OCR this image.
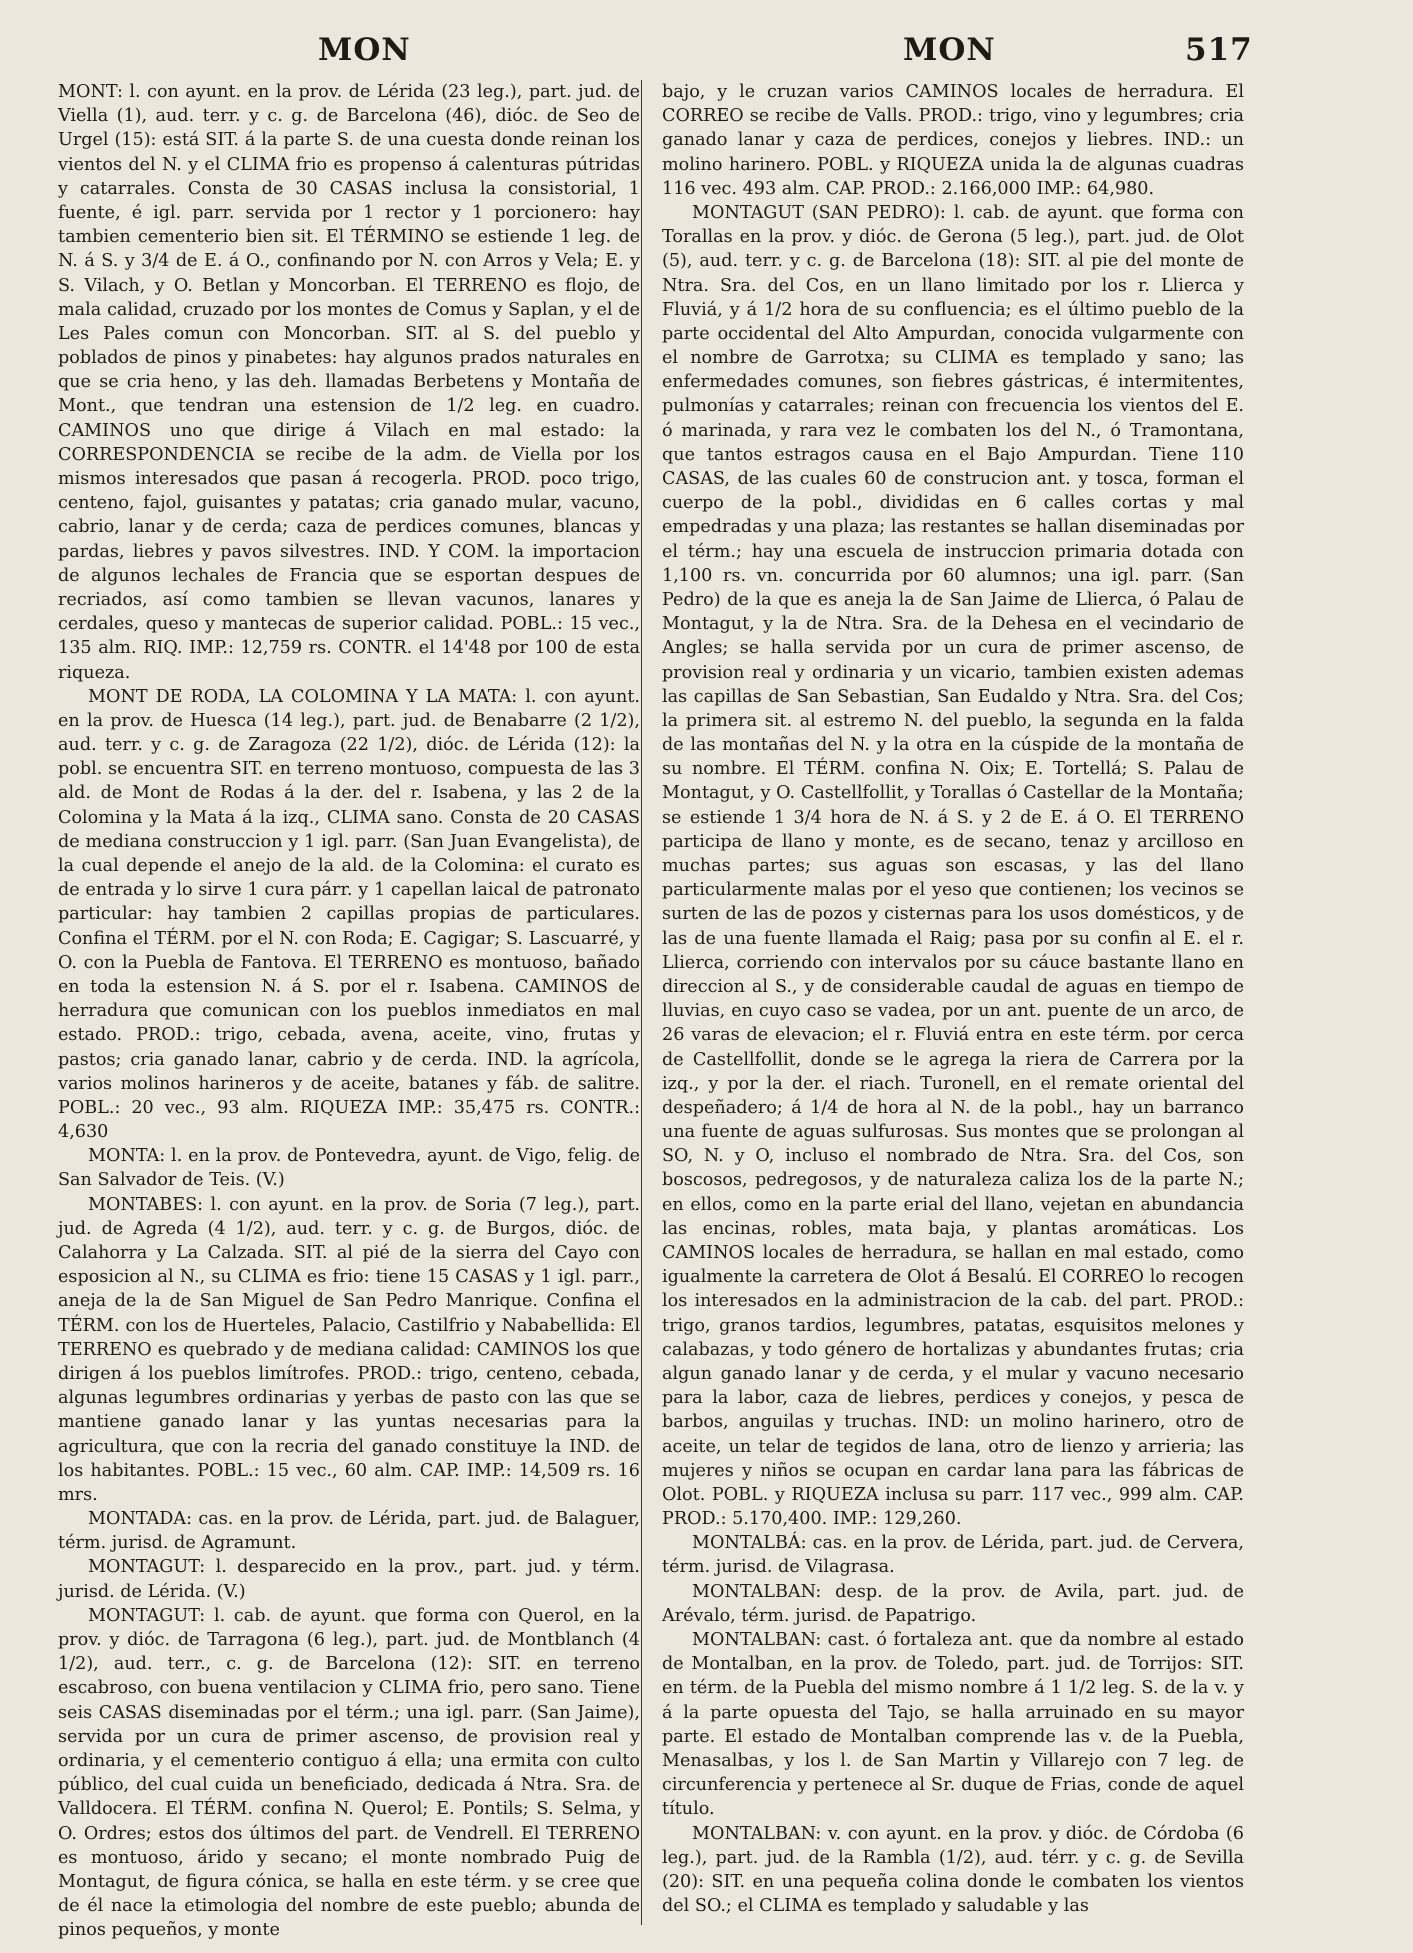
MON	MON	517

MONT: l. con ayunt. en la prov. de Lérida (23 leg.), part. jud. de Viella (1), aud. terr. y c. g. de Barcelona (46), dióc. de Seo de Urgel (15): está SIT. á la parte S. de una cuesta donde reinan los vientos del N. y el CLIMA frio es propenso á calenturas pútridas y catarrales. Consta de 30 CASAS inclusa la consistorial, 1 fuente, é igl. parr. servida por 1 rector y 1 porcionero: hay tambien cementerio bien sit. El TÉRMINO se estiende 1 leg. de N. á S. y 3/4 de E. á O., confinando por N. con Arros y Vela; E. y S. Vilach, y O. Betlan y Moncorban. El TERRENO es flojo, de mala calidad, cruzado por los montes de Comus y Saplan, y el de Les Pales comun con Moncorban. SIT. al S. del pueblo y poblados de pinos y pinabetes: hay algunos prados naturales en que se cria heno, y las deh. llamadas Berbetens y Montaña de Mont., que tendran una estension de 1/2 leg. en cuadro. CAMINOS uno que dirige á Vilach en mal estado: la CORRESPONDENCIA se recibe de la adm. de Viella por los mismos interesados que pasan á recogerla. PROD. poco trigo, centeno, fajol, guisantes y patatas; cria ganado mular, vacuno, cabrio, lanar y de cerda; caza de perdices comunes, blancas y pardas, liebres y pavos silvestres. IND. Y COM. la importacion de algunos lechales de Francia que se esportan despues de recriados, así como tambien se llevan vacunos, lanares y cerdales, queso y mantecas de superior calidad. POBL.: 15 vec., 135 alm. RIQ. IMP.: 12,759 rs. CONTR. el 14'48 por 100 de esta riqueza.

MONT DE RODA, LA COLOMINA Y LA MATA: l. con ayunt. en la prov. de Huesca (14 leg.), part. jud. de Benabarre (2 1/2), aud. terr. y c. g. de Zaragoza (22 1/2), dióc. de Lérida (12): la pobl. se encuentra SIT. en terreno montuoso, compuesta de las 3 ald. de Mont de Rodas á la der. del r. Isabena, y las 2 de la Colomina y la Mata á la izq., CLIMA sano. Consta de 20 CASAS de mediana construccion y 1 igl. parr. (San Juan Evangelista), de la cual depende el anejo de la ald. de la Colomina: el curato es de entrada y lo sirve 1 cura párr. y 1 capellan laical de patronato particular: hay tambien 2 capillas propias de particulares. Confina el TÉRM. por el N. con Roda; E. Cagigar; S. Lascuarré, y O. con la Puebla de Fantova. El TERRENO es montuoso, bañado en toda la estension N. á S. por el r. Isabena. CAMINOS de herradura que comunican con los pueblos inmediatos en mal estado. PROD.: trigo, cebada, avena, aceite, vino, frutas y pastos; cria ganado lanar, cabrio y de cerda. IND. la agrícola, varios molinos harineros y de aceite, batanes y fáb. de salitre. POBL.: 20 vec., 93 alm. RIQUEZA IMP.: 35,475 rs. CONTR.: 4,630

MONTA: l. en la prov. de Pontevedra, ayunt. de Vigo, felig. de San Salvador de Teis. (V.)

MONTABES: l. con ayunt. en la prov. de Soria (7 leg.), part. jud. de Agreda (4 1/2), aud. terr. y c. g. de Burgos, dióc. de Calahorra y La Calzada. SIT. al pié de la sierra del Cayo con esposicion al N., su CLIMA es frio: tiene 15 CASAS y 1 igl. parr., aneja de la de San Miguel de San Pedro Manrique. Confina el TÉRM. con los de Huerteles, Palacio, Castilfrio y Nababellida: El TERRENO es quebrado y de mediana calidad: CAMINOS los que dirigen á los pueblos limítrofes. PROD.: trigo, centeno, cebada, algunas legumbres ordinarias y yerbas de pasto con las que se mantiene ganado lanar y las yuntas necesarias para la agricultura, que con la recria del ganado constituye la IND. de los habitantes. POBL.: 15 vec., 60 alm. CAP. IMP.: 14,509 rs. 16 mrs.

MONTADA: cas. en la prov. de Lérida, part. jud. de Balaguer, térm. jurisd. de Agramunt.

MONTAGUT: l. desparecido en la prov., part. jud. y térm. jurisd. de Lérida. (V.)

MONTAGUT: l. cab. de ayunt. que forma con Querol, en la prov. y dióc. de Tarragona (6 leg.), part. jud. de Montblanch (4 1/2), aud. terr., c. g. de Barcelona (12): SIT. en terreno escabroso, con buena ventilacion y CLIMA frio, pero sano. Tiene seis CASAS diseminadas por el térm.; una igl. parr. (San Jaime), servida por un cura de primer ascenso, de provision real y ordinaria, y el cementerio contiguo á ella; una ermita con culto público, del cual cuida un beneficiado, dedicada á Ntra. Sra. de Valldocera. El TÉRM. confina N. Querol; E. Pontils; S. Selma, y O. Ordres; estos dos últimos del part. de Vendrell. El TERRENO es montuoso, árido y secano; el monte nombrado Puig de Montagut, de figura cónica, se halla en este térm. y se cree que de él nace la etimologia del nombre de este pueblo; abunda de pinos pequeños, y monte

bajo, y le cruzan varios CAMINOS locales de herradura. El CORREO se recibe de Valls. PROD.: trigo, vino y legumbres; cria ganado lanar y caza de perdices, conejos y liebres. IND.: un molino harinero. POBL. y RIQUEZA unida la de algunas cuadras 116 vec. 493 alm. CAP. PROD.: 2.166,000 IMP.: 64,980.

MONTAGUT (SAN PEDRO): l. cab. de ayunt. que forma con Torallas en la prov. y dióc. de Gerona (5 leg.), part. jud. de Olot (5), aud. terr. y c. g. de Barcelona (18): SIT. al pie del monte de Ntra. Sra. del Cos, en un llano limitado por los r. Llierca y Fluviá, y á 1/2 hora de su confluencia; es el último pueblo de la parte occidental del Alto Ampurdan, conocida vulgarmente con el nombre de Garrotxa; su CLIMA es templado y sano; las enfermedades comunes, son fiebres gástricas, é intermitentes, pulmonías y catarrales; reinan con frecuencia los vientos del E. ó marinada, y rara vez le combaten los del N., ó Tramontana, que tantos estragos causa en el Bajo Ampurdan. Tiene 110 CASAS, de las cuales 60 de construcion ant. y tosca, forman el cuerpo de la pobl., divididas en 6 calles cortas y mal empedradas y una plaza; las restantes se hallan diseminadas por el térm.; hay una escuela de instruccion primaria dotada con 1,100 rs. vn. concurrida por 60 alumnos; una igl. parr. (San Pedro) de la que es aneja la de San Jaime de Llierca, ó Palau de Montagut, y la de Ntra. Sra. de la Dehesa en el vecindario de Angles; se halla servida por un cura de primer ascenso, de provision real y ordinaria y un vicario, tambien existen ademas las capillas de San Sebastian, San Eudaldo y Ntra. Sra. del Cos; la primera sit. al estremo N. del pueblo, la segunda en la falda de las montañas del N. y la otra en la cúspide de la montaña de su nombre. El TÉRM. confina N. Oix; E. Tortellá; S. Palau de Montagut, y O. Castellfollit, y Torallas ó Castellar de la Montaña; se estiende 1 3/4 hora de N. á S. y 2 de E. á O. El TERRENO participa de llano y monte, es de secano, tenaz y arcilloso en muchas partes; sus aguas son escasas, y las del llano particularmente malas por el yeso que contienen; los vecinos se surten de las de pozos y cisternas para los usos domésticos, y de las de una fuente llamada el Raig; pasa por su confin al E. el r. Llierca, corriendo con intervalos por su cáuce bastante llano en direccion al S., y de considerable caudal de aguas en tiempo de lluvias, en cuyo caso se vadea, por un ant. puente de un arco, de 26 varas de elevacion; el r. Fluviá entra en este térm. por cerca de Castellfollit, donde se le agrega la riera de Carrera por la izq., y por la der. el riach. Turonell, en el remate oriental del despeñadero; á 1/4 de hora al N. de la pobl., hay un barranco una fuente de aguas sulfurosas. Sus montes que se prolongan al SO, N. y O, incluso el nombrado de Ntra. Sra. del Cos, son boscosos, pedregosos, y de naturaleza caliza los de la parte N.; en ellos, como en la parte erial del llano, vejetan en abundancia las encinas, robles, mata baja, y plantas aromáticas. Los CAMINOS locales de herradura, se hallan en mal estado, como igualmente la carretera de Olot á Besalú. El CORREO lo recogen los interesados en la administracion de la cab. del part. PROD.: trigo, granos tardios, legumbres, patatas, esquisitos melones y calabazas, y todo género de hortalizas y abundantes frutas; cria algun ganado lanar y de cerda, y el mular y vacuno necesario para la labor, caza de liebres, perdices y conejos, y pesca de barbos, anguilas y truchas. IND: un molino harinero, otro de aceite, un telar de tegidos de lana, otro de lienzo y arrieria; las mujeres y niños se ocupan en cardar lana para las fábricas de Olot. POBL. y RIQUEZA inclusa su parr. 117 vec., 999 alm. CAP. PROD.: 5.170,400. IMP.: 129,260.

MONTALBÁ: cas. en la prov. de Lérida, part. jud. de Cervera, térm. jurisd. de Vilagrasa.

MONTALBAN: desp. de la prov. de Avila, part. jud. de Arévalo, térm. jurisd. de Papatrigo.

MONTALBAN: cast. ó fortaleza ant. que da nombre al estado de Montalban, en la prov. de Toledo, part. jud. de Torrijos: SIT. en térm. de la Puebla del mismo nombre á 1 1/2 leg. S. de la v. y á la parte opuesta del Tajo, se halla arruinado en su mayor parte. El estado de Montalban comprende las v. de la Puebla, Menasalbas, y los l. de San Martin y Villarejo con 7 leg. de circunferencia y pertenece al Sr. duque de Frias, conde de aquel título.

MONTALBAN: v. con ayunt. en la prov. y dióc. de Córdoba (6 leg.), part. jud. de la Rambla (1/2), aud. térr. y c. g. de Sevilla (20): SIT. en una pequeña colina donde le combaten los vientos del SO.; el CLIMA es templado y saludable y las
